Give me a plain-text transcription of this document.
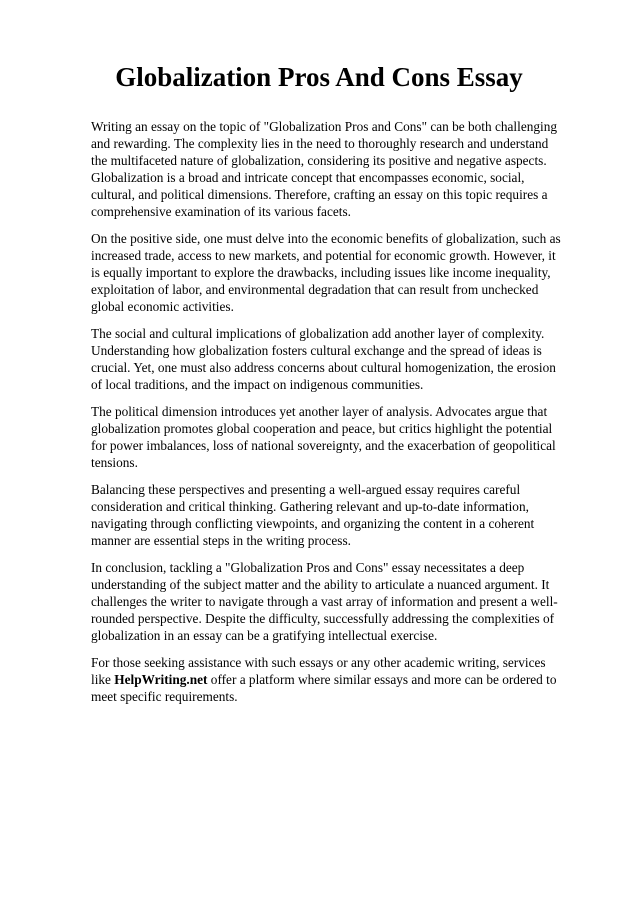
Globalization Pros And Cons Essay

Writing an essay on the topic of "Globalization Pros and Cons" can be both challenging and rewarding. The complexity lies in the need to thoroughly research and understand the multifaceted nature of globalization, considering its positive and negative aspects. Globalization is a broad and intricate concept that encompasses economic, social, cultural, and political dimensions. Therefore, crafting an essay on this topic requires a comprehensive examination of its various facets.

On the positive side, one must delve into the economic benefits of globalization, such as increased trade, access to new markets, and potential for economic growth. However, it is equally important to explore the drawbacks, including issues like income inequality, exploitation of labor, and environmental degradation that can result from unchecked global economic activities.

The social and cultural implications of globalization add another layer of complexity. Understanding how globalization fosters cultural exchange and the spread of ideas is crucial. Yet, one must also address concerns about cultural homogenization, the erosion of local traditions, and the impact on indigenous communities.

The political dimension introduces yet another layer of analysis. Advocates argue that globalization promotes global cooperation and peace, but critics highlight the potential for power imbalances, loss of national sovereignty, and the exacerbation of geopolitical tensions.

Balancing these perspectives and presenting a well-argued essay requires careful consideration and critical thinking. Gathering relevant and up-to-date information, navigating through conflicting viewpoints, and organizing the content in a coherent manner are essential steps in the writing process.

In conclusion, tackling a "Globalization Pros and Cons" essay necessitates a deep understanding of the subject matter and the ability to articulate a nuanced argument. It challenges the writer to navigate through a vast array of information and present a well-rounded perspective. Despite the difficulty, successfully addressing the complexities of globalization in an essay can be a gratifying intellectual exercise.

For those seeking assistance with such essays or any other academic writing, services like HelpWriting.net offer a platform where similar essays and more can be ordered to meet specific requirements.
